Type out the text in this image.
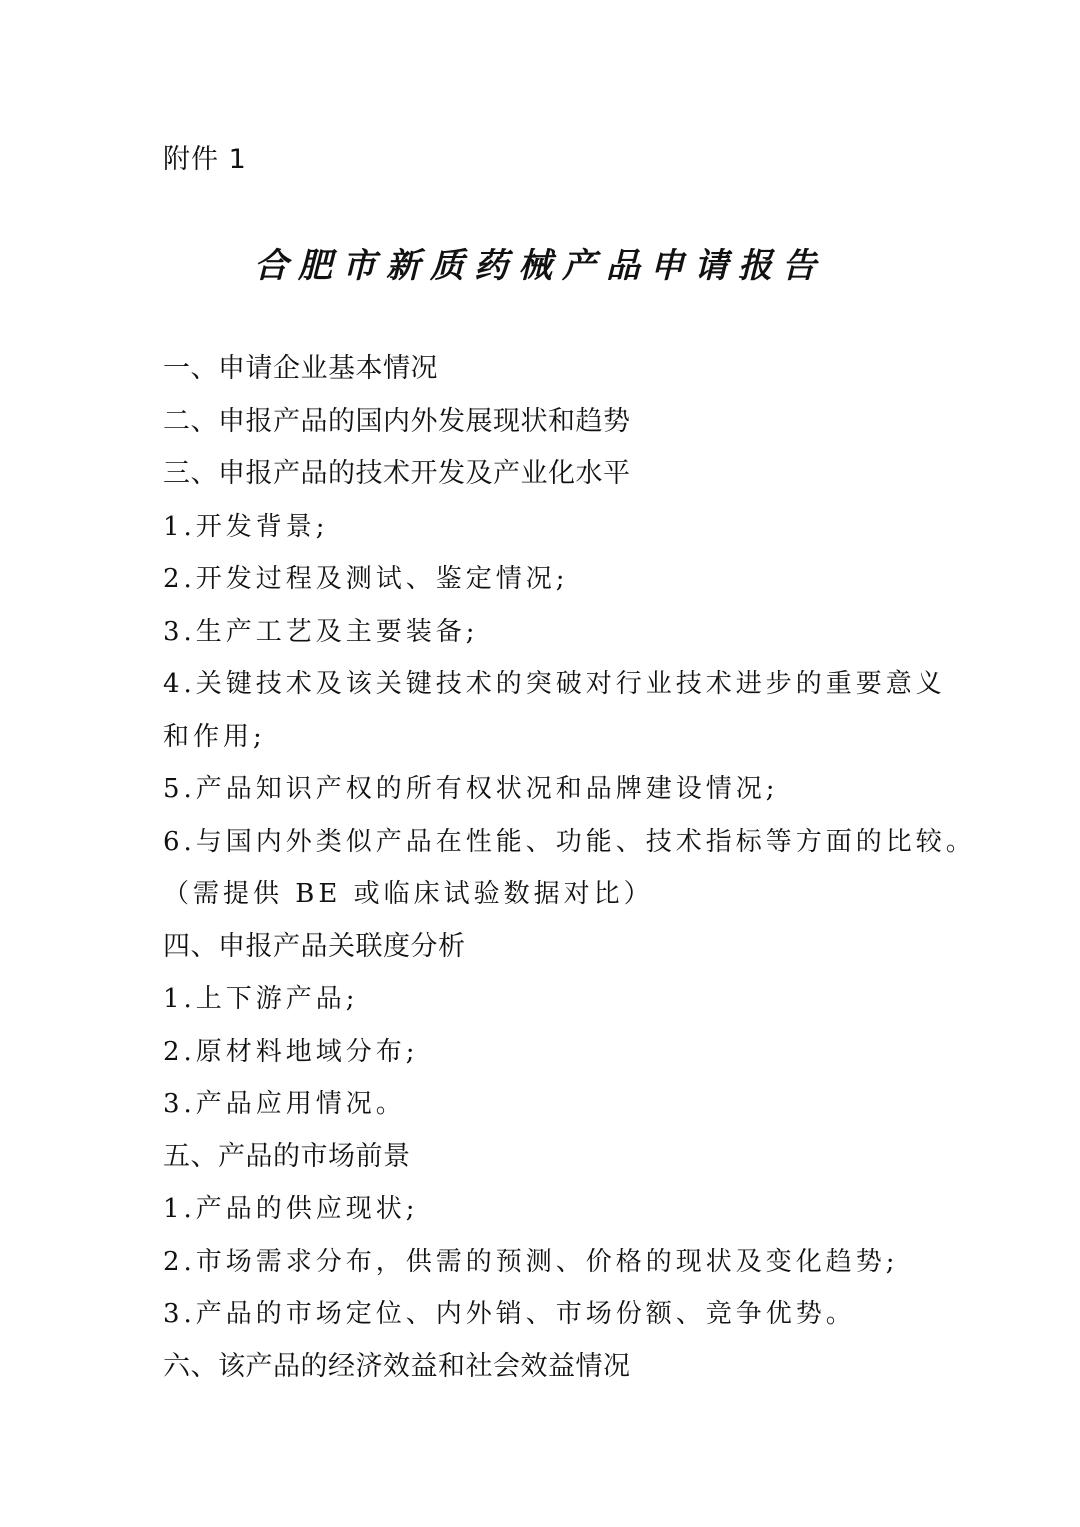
附件 1
合肥市新质药械产品申请报告
一、申请企业基本情况
二、申报产品的国内外发展现状和趋势
三、申报产品的技术开发及产业化水平
1.开发背景;
2.开发过程及测试、鉴定情况;
3.生产工艺及主要装备;
4.关键技术及该关键技术的突破对行业技术进步的重要意义
和作用;
5.产品知识产权的所有权状况和品牌建设情况;
6.与国内外类似产品在性能、功能、技术指标等方面的比较。
（需提供 BE 或临床试验数据对比）
四、申报产品关联度分析
1.上下游产品;
2.原材料地域分布;
3.产品应用情况。
五、产品的市场前景
1.产品的供应现状;
2.市场需求分布，供需的预测、价格的现状及变化趋势;
3.产品的市场定位、内外销、市场份额、竞争优势。
六、该产品的经济效益和社会效益情况
